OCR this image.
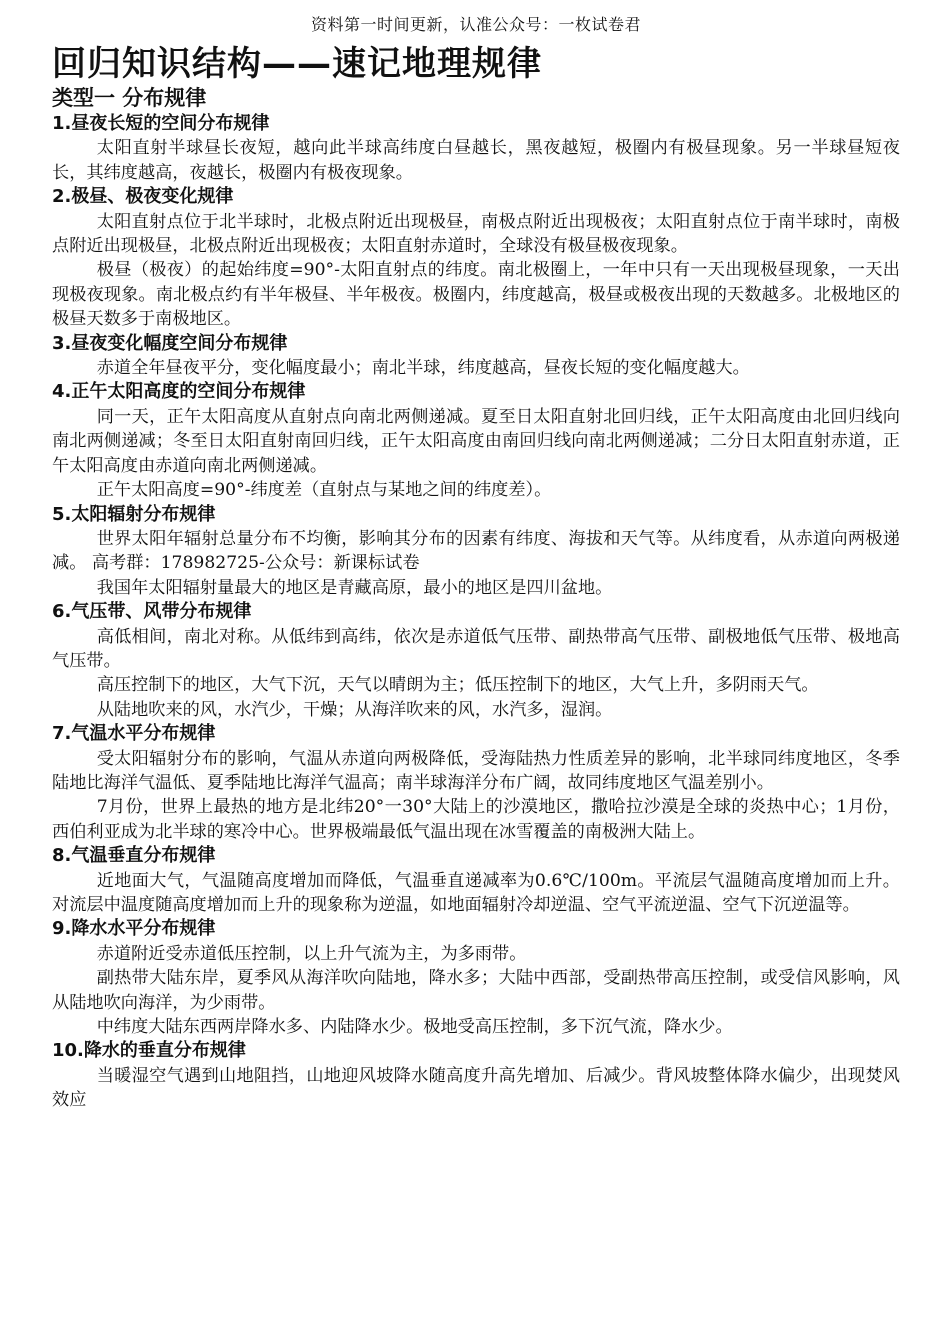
资料第一时间更新，认准公众号：一枚试卷君
回归知识结构——速记地理规律
类型一 分布规律
1.昼夜长短的空间分布规律

太阳直射半球昼长夜短，越向此半球高纬度白昼越长，黑夜越短，极圈内有极昼现象。另一半球昼短夜长，其纬度越高，夜越长，极圈内有极夜现象。

2.极昼、极夜变化规律

太阳直射点位于北半球时，北极点附近出现极昼，南极点附近出现极夜；太阳直射点位于南半球时，南极点附近出现极昼，北极点附近出现极夜；太阳直射赤道时，全球没有极昼极夜现象。

极昼（极夜）的起始纬度=90°-太阳直射点的纬度。南北极圈上，一年中只有一天出现极昼现象，一天出现极夜现象。南北极点约有半年极昼、半年极夜。极圈内，纬度越高，极昼或极夜出现的天数越多。北极地区的极昼天数多于南极地区。

3.昼夜变化幅度空间分布规律

赤道全年昼夜平分，变化幅度最小；南北半球，纬度越高，昼夜长短的变化幅度越大。

4.正午太阳高度的空间分布规律

同一天，正午太阳高度从直射点向南北两侧递减。夏至日太阳直射北回归线，正午太阳高度由北回归线向南北两侧递减；冬至日太阳直射南回归线，正午太阳高度由南回归线向南北两侧递减；二分日太阳直射赤道，正午太阳高度由赤道向南北两侧递减。

正午太阳高度=90°-纬度差（直射点与某地之间的纬度差）。

5.太阳辐射分布规律

世界太阳年辐射总量分布不均衡，影响其分布的因素有纬度、海拔和天气等。从纬度看，从赤道向两极递减。 高考群：178982725-公众号：新课标试卷

我国年太阳辐射量最大的地区是青藏高原，最小的地区是四川盆地。

6.气压带、风带分布规律

高低相间，南北对称。从低纬到高纬，依次是赤道低气压带、副热带高气压带、副极地低气压带、极地高气压带。

高压控制下的地区，大气下沉，天气以晴朗为主；低压控制下的地区，大气上升，多阴雨天气。

从陆地吹来的风，水汽少，干燥；从海洋吹来的风，水汽多，湿润。

7.气温水平分布规律

受太阳辐射分布的影响，气温从赤道向两极降低，受海陆热力性质差异的影响，北半球同纬度地区，冬季陆地比海洋气温低、夏季陆地比海洋气温高；南半球海洋分布广阔，故同纬度地区气温差别小。

7月份，世界上最热的地方是北纬20°一30°大陆上的沙漠地区，撒哈拉沙漠是全球的炎热中心；1月份，西伯利亚成为北半球的寒冷中心。世界极端最低气温出现在冰雪覆盖的南极洲大陆上。

8.气温垂直分布规律

近地面大气，气温随高度增加而降低，气温垂直递减率为0.6℃/100m。平流层气温随高度增加而上升。对流层中温度随高度增加而上升的现象称为逆温，如地面辐射冷却逆温、空气平流逆温、空气下沉逆温等。

9.降水水平分布规律

赤道附近受赤道低压控制，以上升气流为主，为多雨带。

副热带大陆东岸，夏季风从海洋吹向陆地，降水多；大陆中西部，受副热带高压控制，或受信风影响，风从陆地吹向海洋，为少雨带。

中纬度大陆东西两岸降水多、内陆降水少。极地受高压控制，多下沉气流，降水少。

10.降水的垂直分布规律

当暖湿空气遇到山地阻挡，山地迎风坡降水随高度升高先增加、后减少。背风坡整体降水偏少，出现焚风效应
